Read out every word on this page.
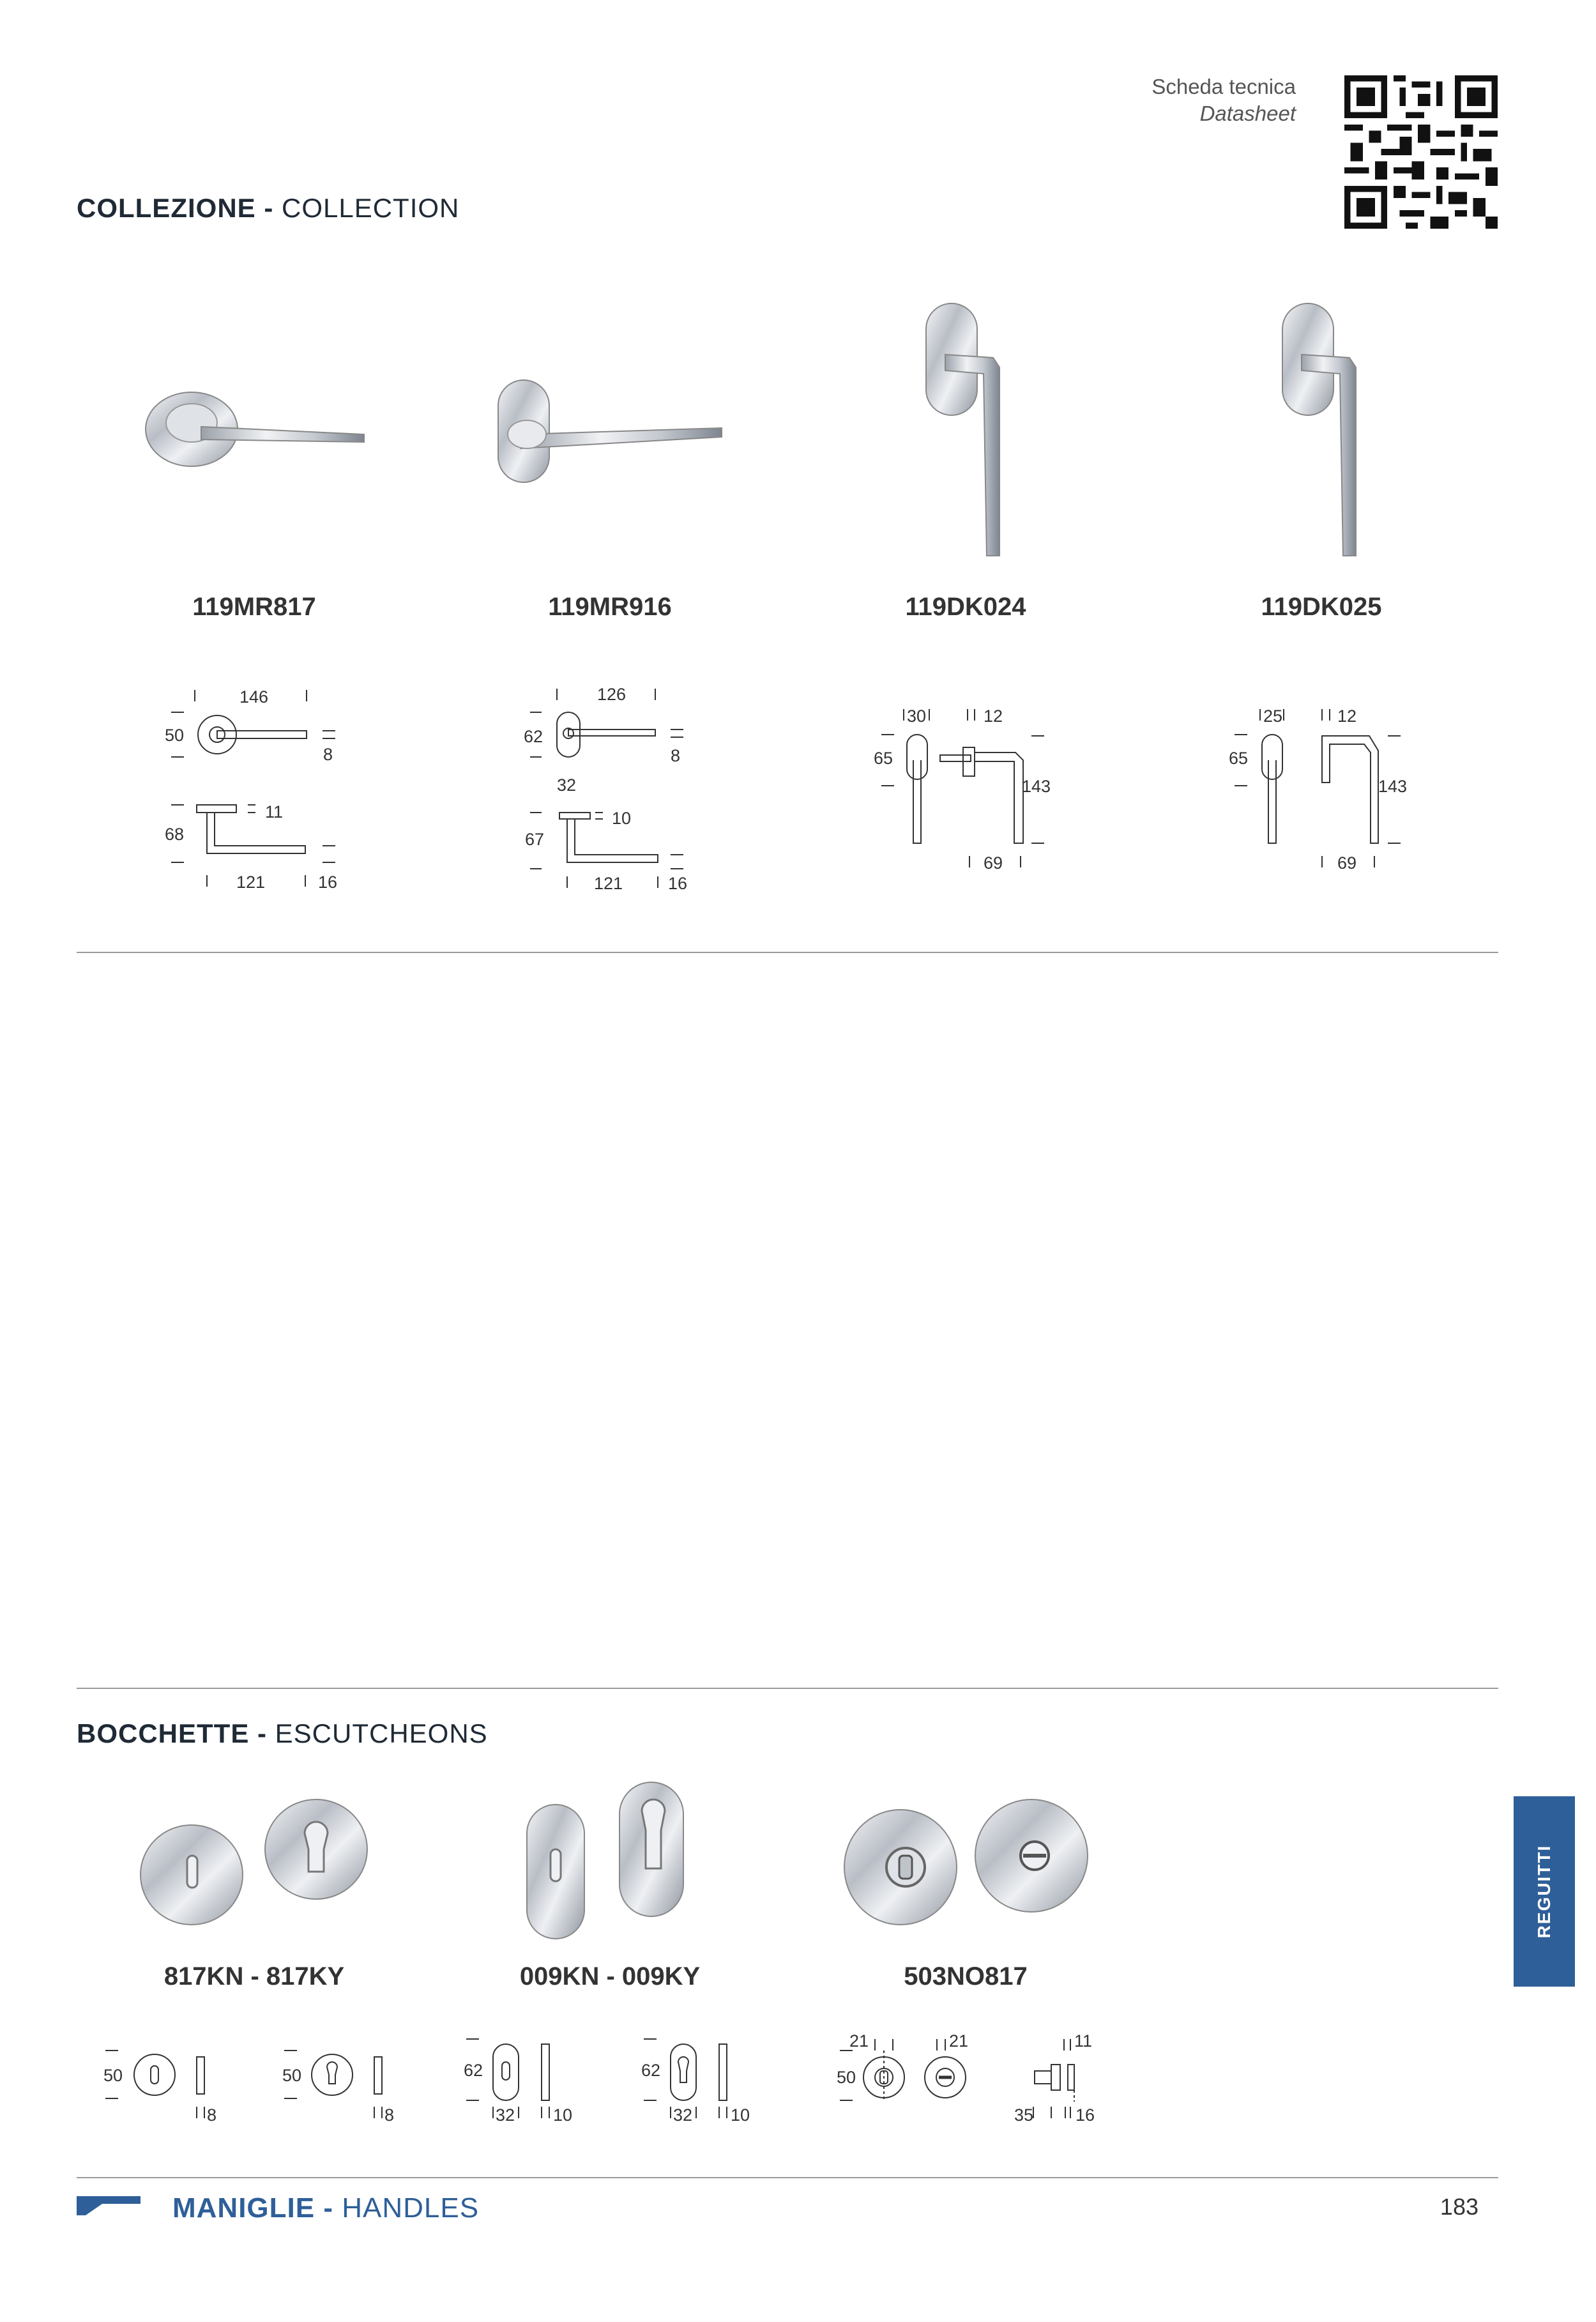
Scheda tecnica
Datasheet
COLLEZIONE - COLLECTION
119MR817	119MR916	119DK024	119DK025
146
50
8
11
68
121	16
126
62
8
32
10
67
121	16
30	12
65
143
69
25	12
65
143
69
BOCCHETTE - ESCUTCHEONS
817KN - 817KY	009KN - 009KY	503NO817
50
8
50
8
62
32 10
62
32 10
21	21
50
11
35 16
REGUITTI
MANIGLIE - HANDLES	183
